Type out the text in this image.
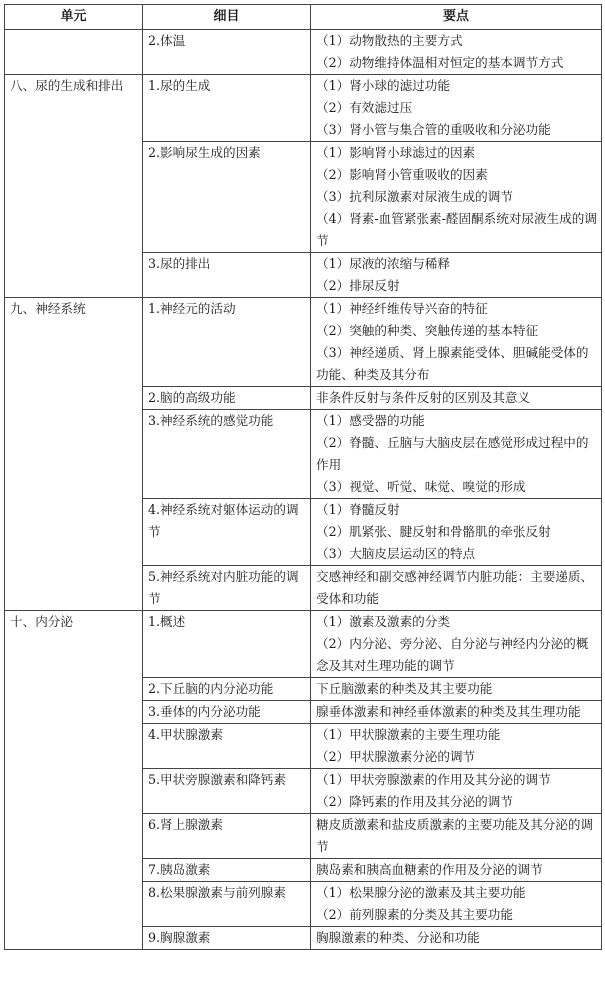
单元	细目	要点
	2.体温	（1）动物散热的主要方式
（2）动物维持体温相对恒定的基本调节方式

八、尿的生成和排出	1.尿的生成	（1）肾小球的滤过功能
（2）有效滤过压
（3）肾小管与集合管的重吸收和分泌功能

	2.影响尿生成的因素	（1）影响肾小球滤过的因素
（2）影响肾小管重吸收的因素
（3）抗利尿激素对尿液生成的调节
（4）肾素-血管紧张素-醛固酮系统对尿液生成的调节

	3.尿的排出	（1）尿液的浓缩与稀释
（2）排尿反射

九、神经系统	1.神经元的活动	（1）神经纤维传导兴奋的特征
（2）突触的种类、突触传递的基本特征
（3）神经递质、肾上腺素能受体、胆碱能受体的功能、种类及其分布

	2.脑的高级功能	非条件反射与条件反射的区别及其意义

	3.神经系统的感觉功能	（1）感受器的功能
（2）脊髓、丘脑与大脑皮层在感觉形成过程中的作用
（3）视觉、听觉、味觉、嗅觉的形成

	4.神经系统对躯体运动的调节	（1）脊髓反射
（2）肌紧张、腱反射和骨骼肌的牵张反射
（3）大脑皮层运动区的特点

	5.神经系统对内脏功能的调节	交感神经和副交感神经调节内脏功能：主要递质、受体和功能

十、内分泌	1.概述	（1）激素及激素的分类
（2）内分泌、旁分泌、自分泌与神经内分泌的概念及其对生理功能的调节

	2.下丘脑的内分泌功能	下丘脑激素的种类及其主要功能

	3.垂体的内分泌功能	腺垂体激素和神经垂体激素的种类及其生理功能

	4.甲状腺激素	（1）甲状腺激素的主要生理功能
（2）甲状腺激素分泌的调节

	5.甲状旁腺激素和降钙素	（1）甲状旁腺激素的作用及其分泌的调节
（2）降钙素的作用及其分泌的调节

	6.肾上腺激素	糖皮质激素和盐皮质激素的主要功能及其分泌的调节

	7.胰岛激素	胰岛素和胰高血糖素的作用及分泌的调节

	8.松果腺激素与前列腺素	（1）松果腺分泌的激素及其主要功能
（2）前列腺素的分类及其主要功能

	9.胸腺激素	胸腺激素的种类、分泌和功能
